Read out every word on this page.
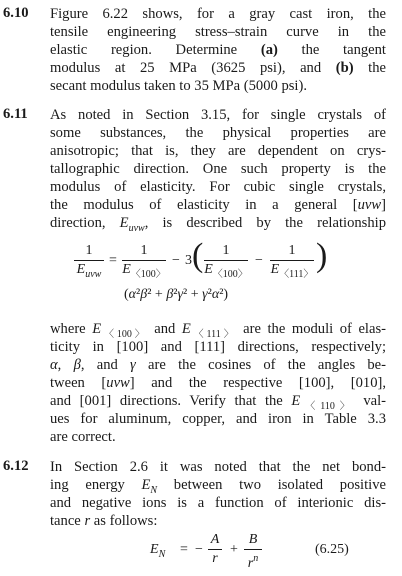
6.10 Figure 6.22 shows, for a gray cast iron, the
tensile engineering stress–strain curve in the
elastic region. Determine (a) the tangent
modulus at 25 MPa (3625 psi), and (b) the
secant modulus taken to 35 MPa (5000 psi).
6.11 As noted in Section 3.15, for single crystals of
some substances, the physical properties are
anisotropic; that is, they are dependent on crys-
tallographic direction. One such property is the
modulus of elasticity. For cubic single crystals,
the modulus of elasticity in a general [uvw]
direction, $E_{uvw}$, is described by the relationship
1
$E_{uvw}$
=
1
$E_{〈100〉}$
− 3 (	1
$E_{〈100〉}$
−
1
$E_{〈111〉}$
)
(α²β² + β²γ² + γ²α²)
where $E_{〈100〉}$ and $E_{〈111〉}$ are the moduli of elas-
ticity in [100] and [111] directions, respectively;
α, β, and γ are the cosines of the angles be-
tween [uvw] and the respective [100], [010],
and [001] directions. Verify that the $E_{〈110〉}$ val-
ues for aluminum, copper, and iron in Table 3.3
are correct.
6.12 In Section 2.6 it was noted that the net bond-
ing energy $E_N$ between two isolated positive
and negative ions is a function of interionic dis-
tance r as follows:
$E_N$ = −
A
r
+
B
$r^n$
(6.25)
